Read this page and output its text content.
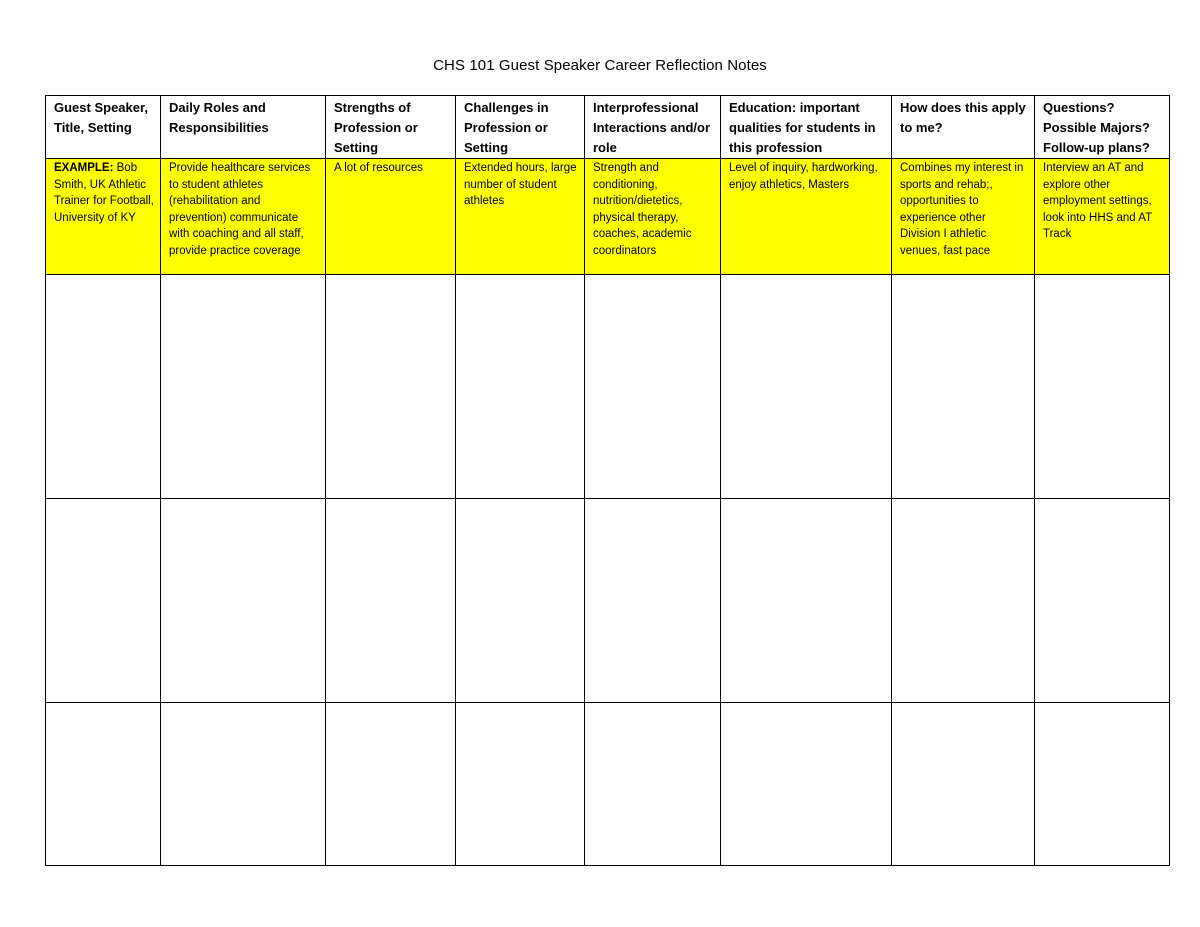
CHS 101 Guest Speaker Career Reflection Notes
Guest Speaker, Title, Setting	Daily Roles and Responsibilities	Strengths of Profession or Setting	Challenges in Profession or Setting	Interprofessional Interactions and/or role	Education: important qualities for students in this profession	How does this apply to me?	Questions? Possible Majors? Follow-up plans?

EXAMPLE: Bob Smith, UK Athletic Trainer for Football, University of KY	Provide healthcare services to student athletes (rehabilitation and prevention) communicate with coaching and all staff, provide practice coverage	A lot of resources	Extended hours, large number of student athletes	Strength and conditioning, nutrition/dietetics, physical therapy, coaches, academic coordinators	Level of inquiry, hardworking, enjoy athletics, Masters	Combines my interest in sports and rehab;, opportunities to experience other Division I athletic venues, fast pace	Interview an AT and explore other employment settings, look into HHS and AT Track
